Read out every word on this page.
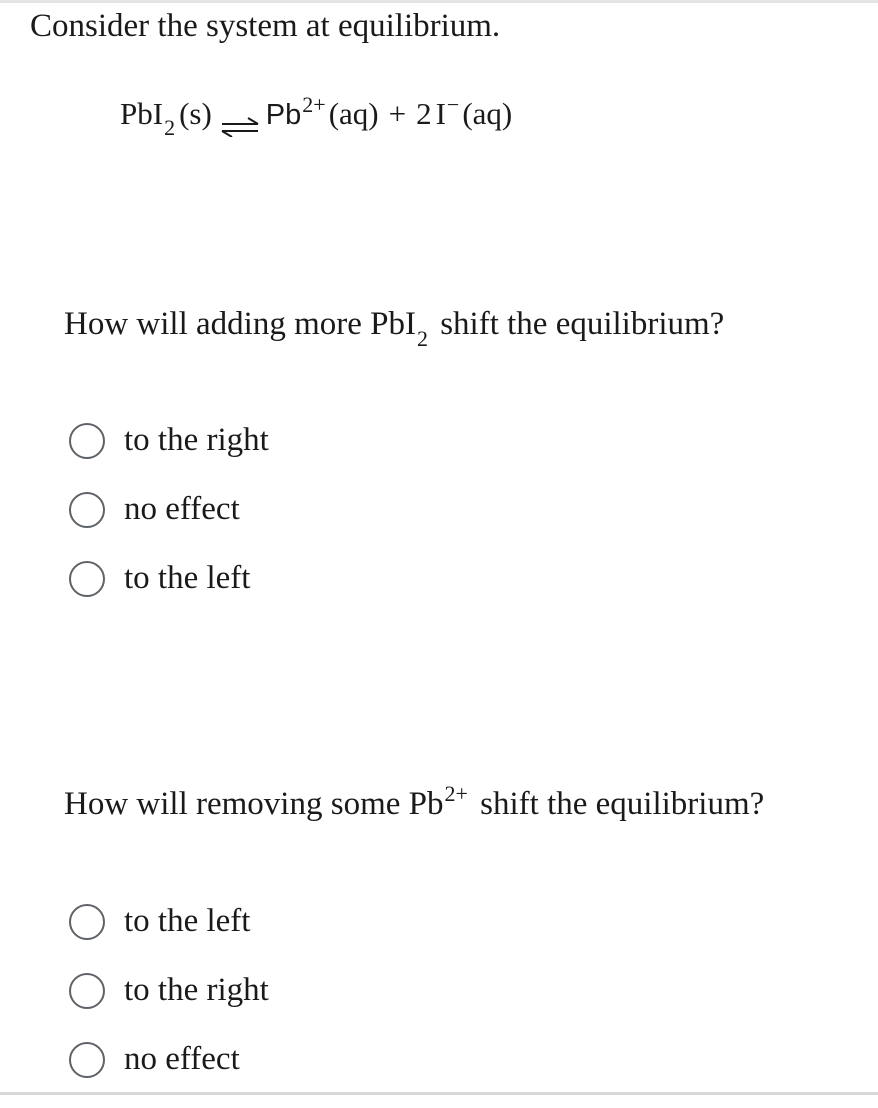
Consider the system at equilibrium.
PbI$_2$ (s) ⇌ $Pb^{2+}(aq) + 2$ I−(aq)
How will adding more PbI$_2$ shift the equilibrium?
to the right
no effect
to the left
How will removing some $Pb^{2+}$ shift the equilibrium?
to the left
to the right
no effect
